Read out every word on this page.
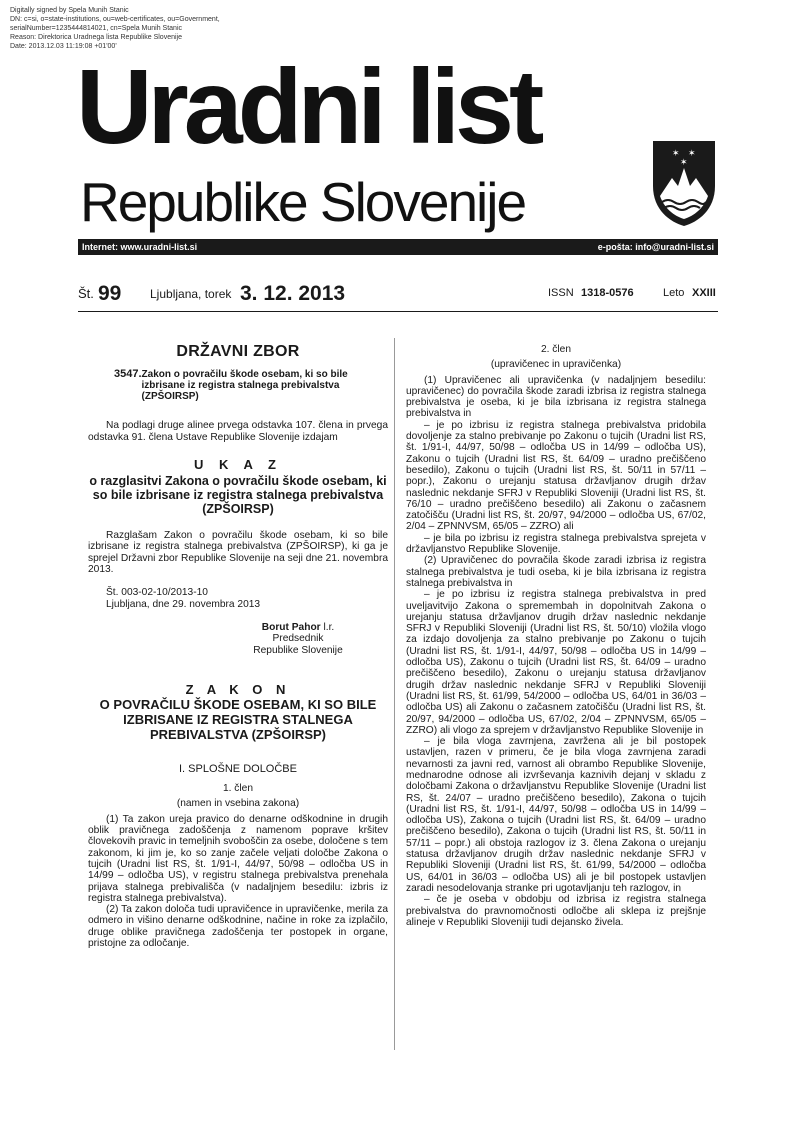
Digitally signed by Spela Munih Stanic
DN: c=si, o=state-institutions, ou=web-certificates, ou=Government,
serialNumber=1235444814021, cn=Spela Munih Stanic
Reason: Direktorica Uradnega lista Republike Slovenije
Date: 2013.12.03 11:19:08 +01'00'
Uradni list
Republike Slovenije
✶ ✶
✶
Internet: www.uradni-list.si	e-pošta: info@uradni-list.si
Št. 99 Ljubljana, torek 3. 12. 2013	ISSN 1318-0576	Leto XXIII
DRŽAVNI ZBOR
3547. Zakon o povračilu škode osebam, ki so bile izbrisane iz registra stalnega prebivalstva (ZPŠOIRSP)

Na podlagi druge alinee prvega odstavka 107. člena in prvega odstavka 91. člena Ustave Republike Slovenije izdajam

U K A Z
o razglasitvi Zakona o povračilu škode osebam, ki so bile izbrisane iz registra stalnega prebivalstva (ZPŠOIRSP)

Razglašam Zakon o povračilu škode osebam, ki so bile izbrisane iz registra stalnega prebivalstva (ZPŠOIRSP), ki ga je sprejel Državni zbor Republike Slovenije na seji dne 21. novembra 2013.

Št. 003-02-10/2013-10

Ljubljana, dne 29. novembra 2013

Borut Pahor l.r.
Predsednik
Republike Slovenije
Z A K O N
O POVRAČILU ŠKODE OSEBAM, KI SO BILE IZBRISANE IZ REGISTRA STALNEGA PREBIVALSTVA (ZPŠOIRSP)
I. SPLOŠNE DOLOČBE
1. člen
(namen in vsebina zakona)

(1) Ta zakon ureja pravico do denarne odškodnine in drugih oblik pravičnega zadoščenja z namenom poprave kršitev človekovih pravic in temeljnih svoboščin za osebe, določene s tem zakonom, ki jim je, ko so zanje začele veljati določbe Zakona o tujcih (Uradni list RS, št. 1/91-I, 44/97, 50/98 – odločba US in 14/99 – odločba US), v registru stalnega prebivalstva prenehala prijava stalnega prebivališča (v nadaljnjem besedilu: izbris iz registra stalnega prebivalstva).

(2) Ta zakon določa tudi upravičence in upravičenke, merila za odmero in višino denarne odškodnine, načine in roke za izplačilo, druge oblike pravičnega zadoščenja ter postopek in organe, pristojne za odločanje.

2. člen
(upravičenec in upravičenka)

(1) Upravičenec ali upravičenka (v nadaljnjem besedilu: upravičenec) do povračila škode zaradi izbrisa iz registra stalnega prebivalstva je oseba, ki je bila izbrisana iz registra stalnega prebivalstva in

– je po izbrisu iz registra stalnega prebivalstva pridobila dovoljenje za stalno prebivanje po Zakonu o tujcih (Uradni list RS, št. 1/91-I, 44/97, 50/98 – odločba US in 14/99 – odločba US), Zakonu o tujcih (Uradni list RS, št. 64/09 – uradno prečiščeno besedilo), Zakonu o tujcih (Uradni list RS, št. 50/11 in 57/11 – popr.), Zakonu o urejanju statusa državljanov drugih držav naslednic nekdanje SFRJ v Republiki Sloveniji (Uradni list RS, št. 76/10 – uradno prečiščeno besedilo) ali Zakonu o začasnem zatočišču (Uradni list RS, št. 20/97, 94/2000 – odločba US, 67/02, 2/04 – ZPNNVSM, 65/05 – ZZRO) ali

– je bila po izbrisu iz registra stalnega prebivalstva sprejeta v državljanstvo Republike Slovenije.

(2) Upravičenec do povračila škode zaradi izbrisa iz registra stalnega prebivalstva je tudi oseba, ki je bila izbrisana iz registra stalnega prebivalstva in

– je po izbrisu iz registra stalnega prebivalstva in pred uveljavitvijo Zakona o spremembah in dopolnitvah Zakona o urejanju statusa državljanov drugih držav naslednic nekdanje SFRJ v Republiki Sloveniji (Uradni list RS, št. 50/10) vložila vlogo za izdajo dovoljenja za stalno prebivanje po Zakonu o tujcih (Uradni list RS, št. 1/91-I, 44/97, 50/98 – odločba US in 14/99 – odločba US), Zakonu o tujcih (Uradni list RS, št. 64/09 – uradno prečiščeno besedilo), Zakonu o urejanju statusa državljanov drugih držav naslednic nekdanje SFRJ v Republiki Sloveniji (Uradni list RS, št. 61/99, 54/2000 – odločba US, 64/01 in 36/03 – odločba US) ali Zakonu o začasnem zatočišču (Uradni list RS, št. 20/97, 94/2000 – odločba US, 67/02, 2/04 – ZPNNVSM, 65/05 – ZZRO) ali vlogo za sprejem v državljanstvo Republike Slovenije in

– je bila vloga zavrnjena, zavržena ali je bil postopek ustavljen, razen v primeru, če je bila vloga zavrnjena zaradi nevarnosti za javni red, varnost ali obrambo Republike Slovenije, mednarodne odnose ali izvrševanja kaznivih dejanj v skladu z določbami Zakona o državljanstvu Republike Slovenije (Uradni list RS, št. 24/07 – uradno prečiščeno besedilo), Zakona o tujcih (Uradni list RS, št. 1/91-I, 44/97, 50/98 – odločba US in 14/99 – odločba US), Zakona o tujcih (Uradni list RS, št. 64/09 – uradno prečiščeno besedilo), Zakona o tujcih (Uradni list RS, št. 50/11 in 57/11 – popr.) ali obstoja razlogov iz 3. člena Zakona o urejanju statusa državljanov drugih držav naslednic nekdanje SFRJ v Republiki Sloveniji (Uradni list RS, št. 61/99, 54/2000 – odločba US, 64/01 in 36/03 – odločba US) ali je bil postopek ustavljen zaradi nesodelovanja stranke pri ugotavljanju teh razlogov, in

– če je oseba v obdobju od izbrisa iz registra stalnega prebivalstva do pravnomočnosti odločbe ali sklepa iz prejšnje alineje v Republiki Sloveniji tudi dejansko živela.
